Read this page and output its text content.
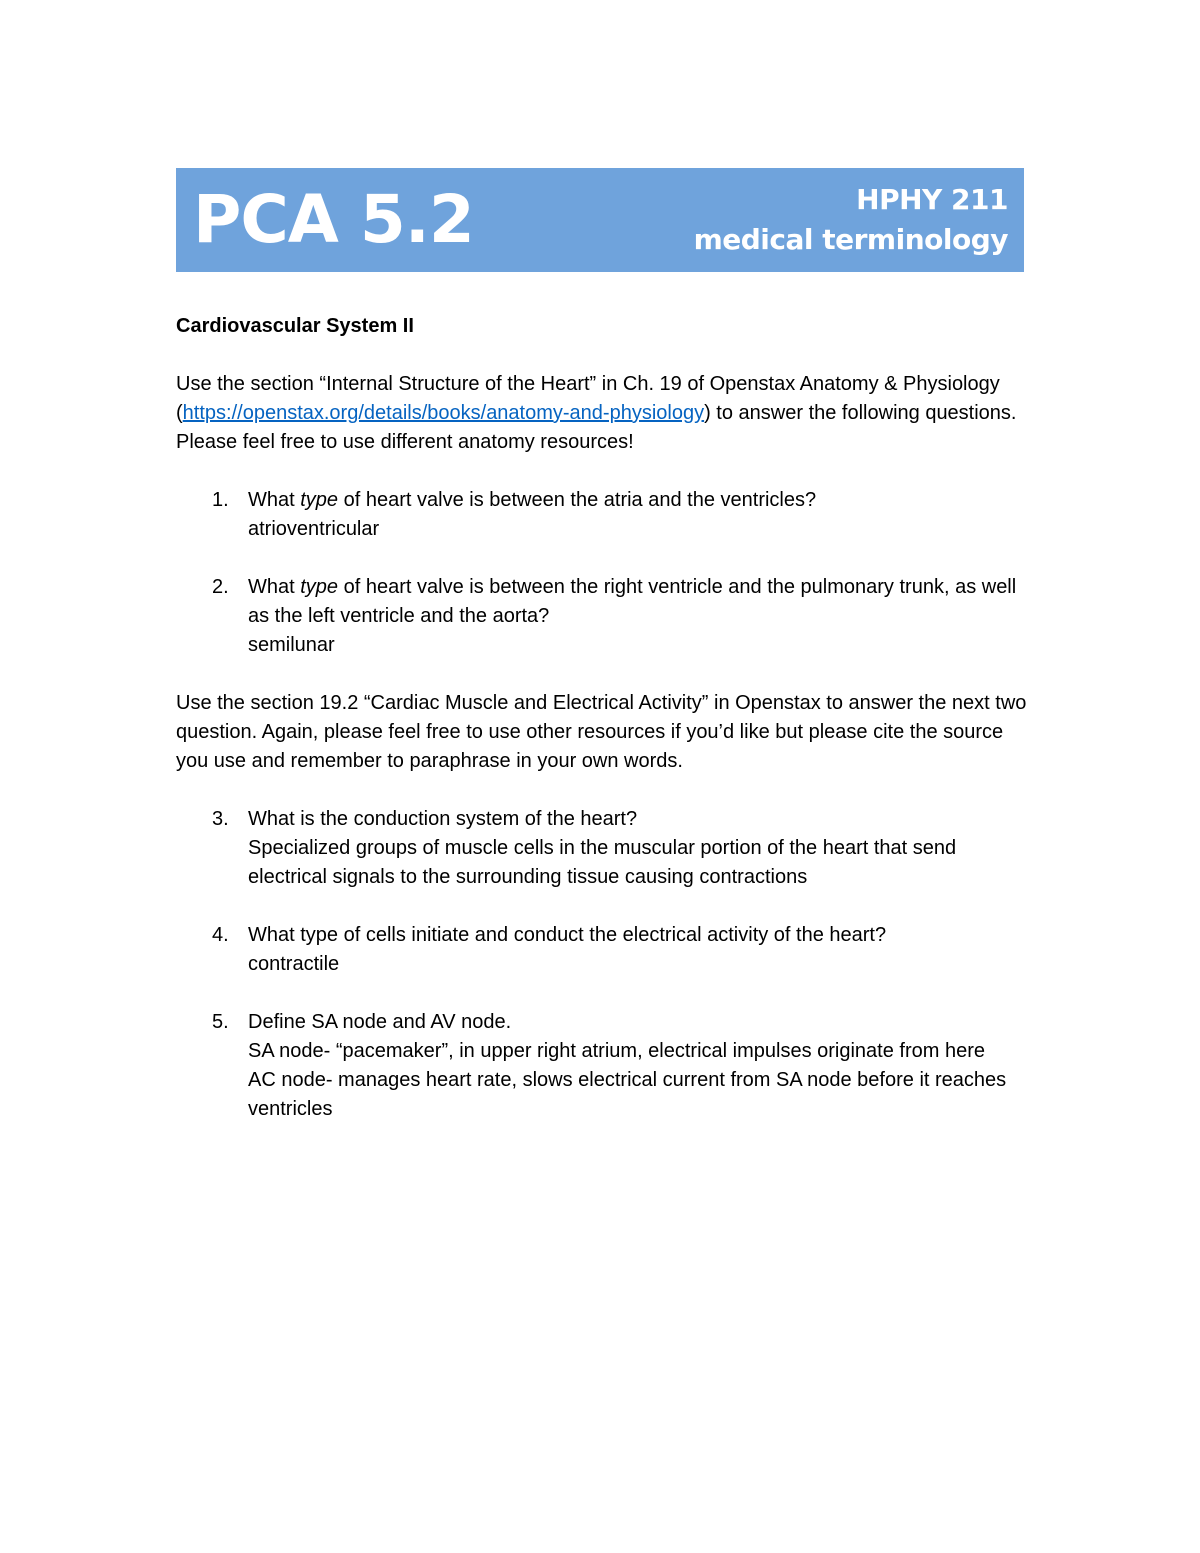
PCA 5.2	HPHY 211
medical terminology

Cardiovascular System II

Use the section “Internal Structure of the Heart” in Ch. 19 of Openstax Anatomy & Physiology (https://openstax.org/details/books/anatomy-and-physiology) to answer the following questions. Please feel free to use different anatomy resources!

1. What type of heart valve is between the atria and the ventricles?
atrioventricular
2. What type of heart valve is between the right ventricle and the pulmonary trunk, as well as the left ventricle and the aorta?
semilunar

Use the section 19.2 “Cardiac Muscle and Electrical Activity” in Openstax to answer the next two question. Again, please feel free to use other resources if you’d like but please cite the source you use and remember to paraphrase in your own words.

3. What is the conduction system of the heart?
Specialized groups of muscle cells in the muscular portion of the heart that send electrical signals to the surrounding tissue causing contractions
4. What type of cells initiate and conduct the electrical activity of the heart?
contractile
5. Define SA node and AV node.
SA node- “pacemaker”, in upper right atrium, electrical impulses originate from here
AC node- manages heart rate, slows electrical current from SA node before it reaches ventricles
